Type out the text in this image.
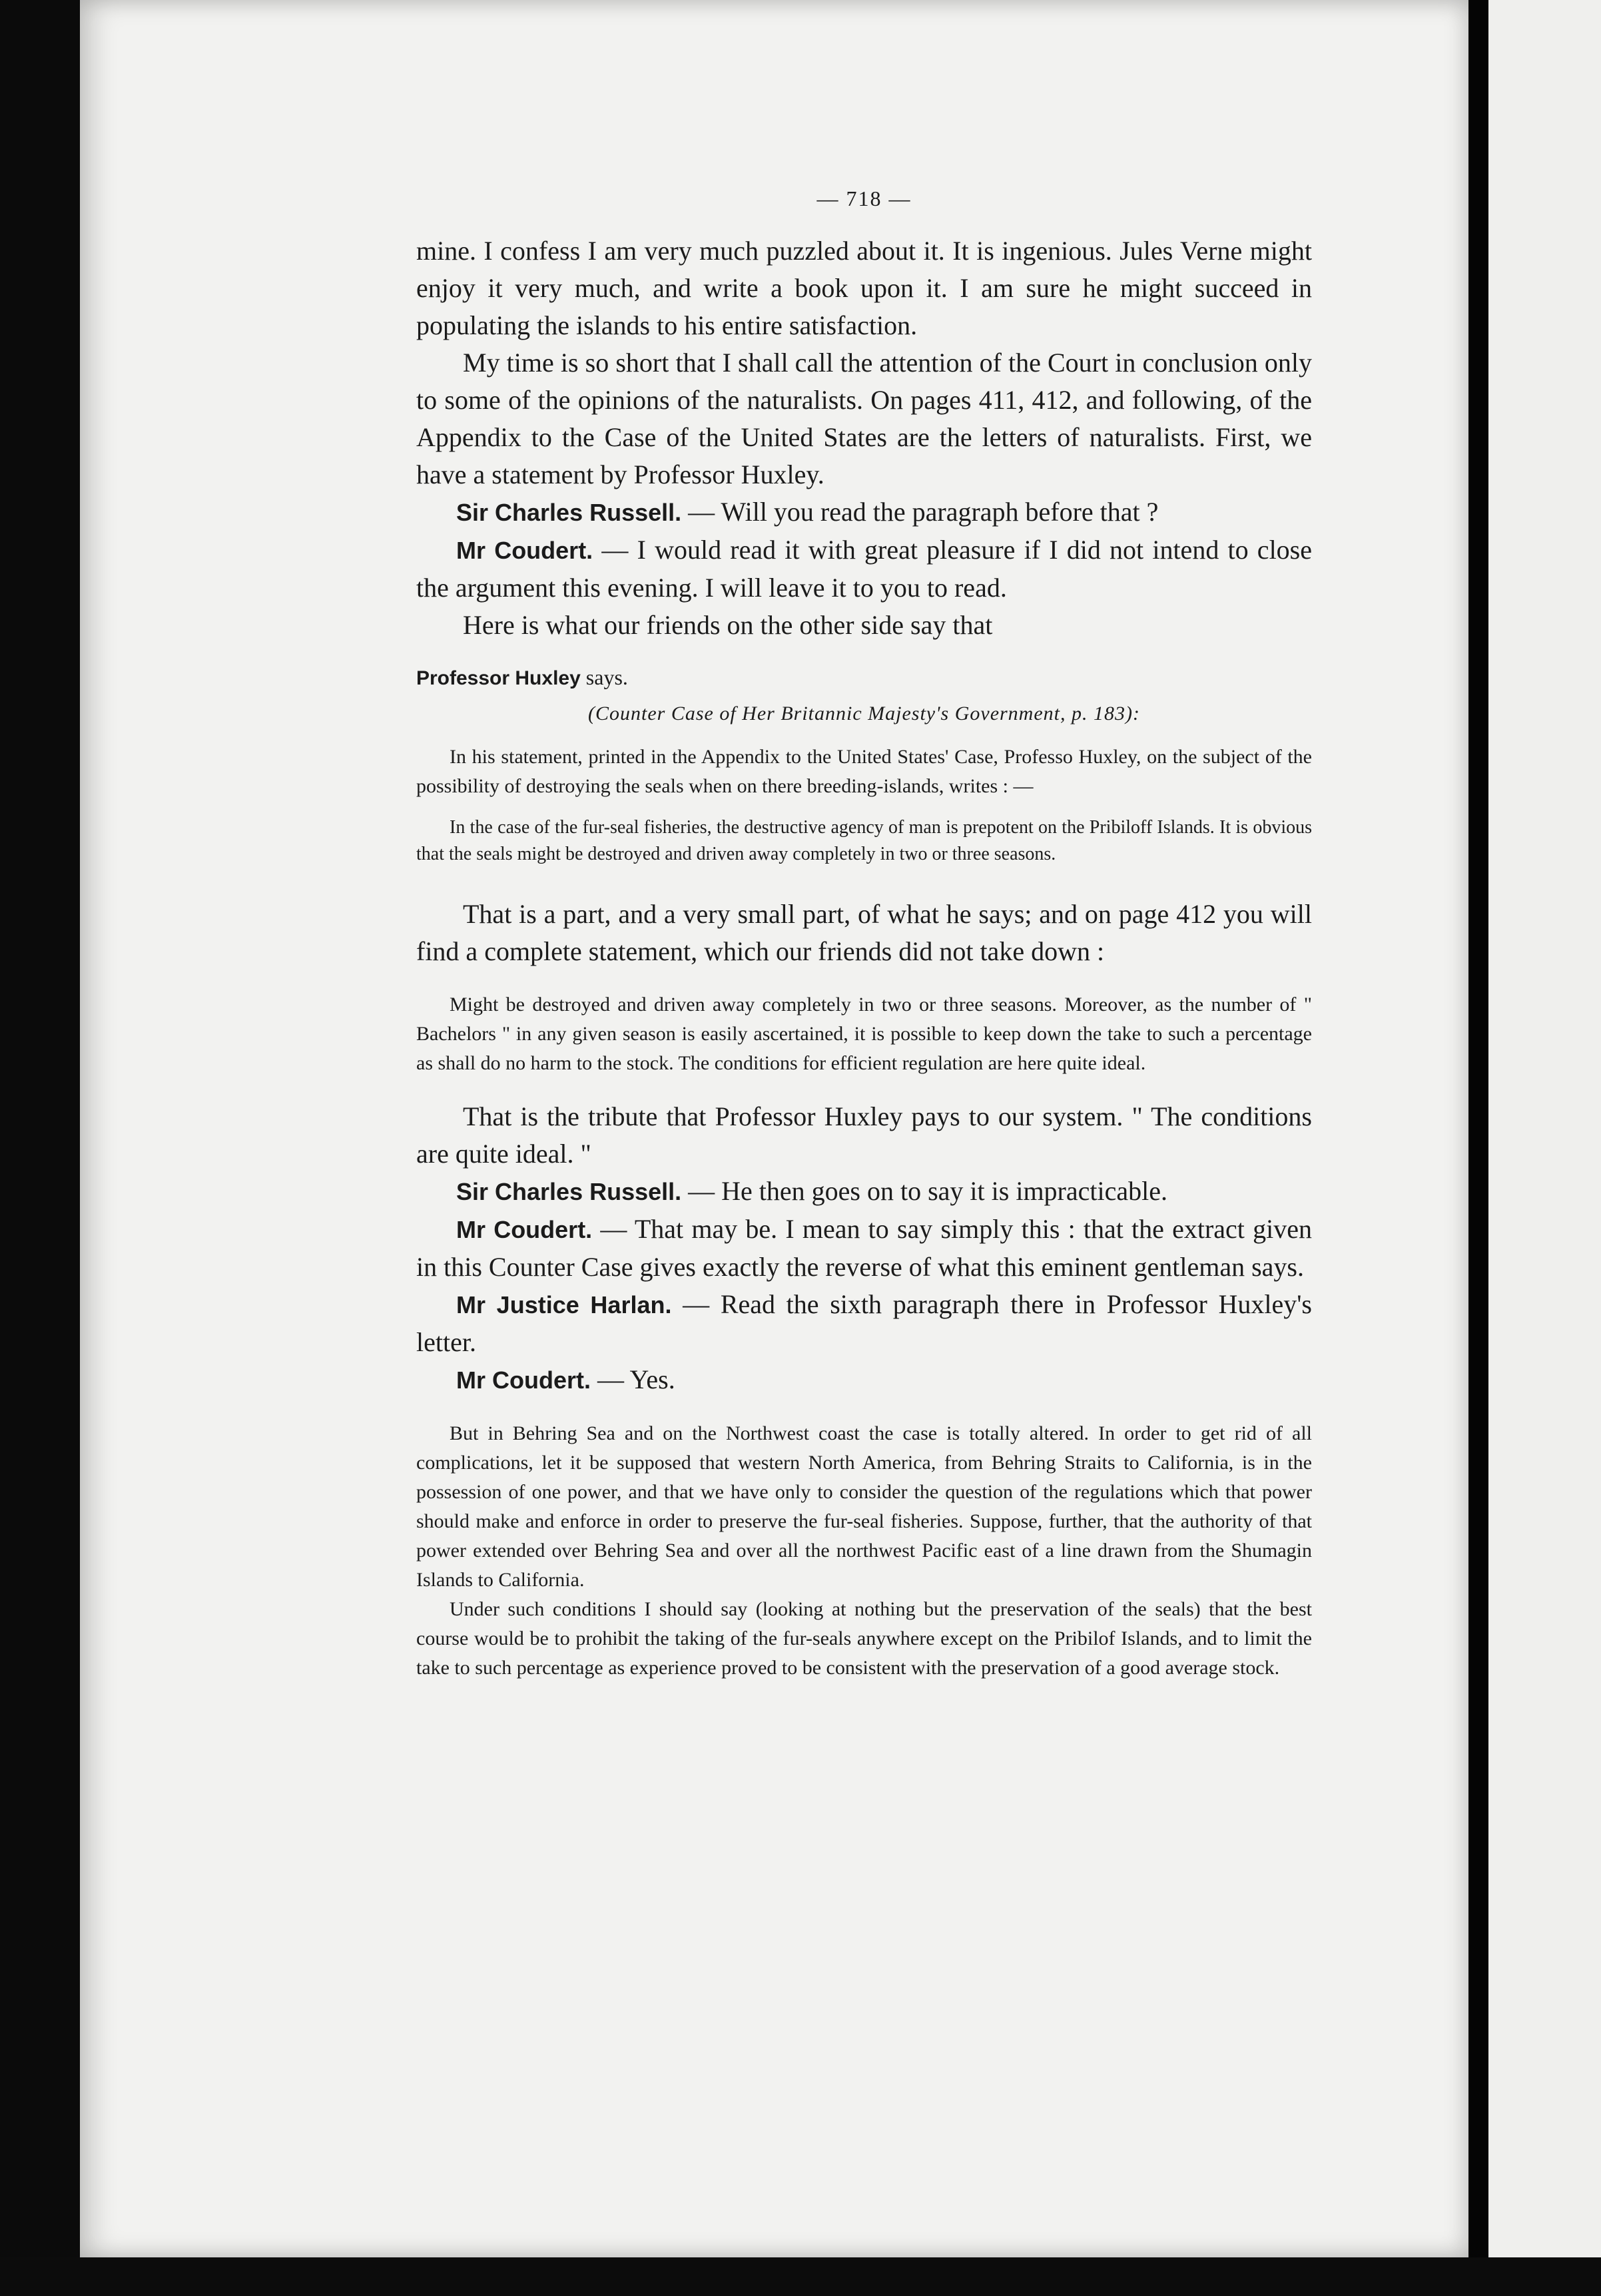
— 718 —

mine. I confess I am very much puzzled about it. It is ingenious. Jules Verne might enjoy it very much, and write a book upon it. I am sure he might succeed in populating the islands to his entire satisfaction.

My time is so short that I shall call the attention of the Court in conclusion only to some of the opinions of the naturalists. On pages 411, 412, and following, of the Appendix to the Case of the United States are the letters of naturalists. First, we have a statement by Professor Huxley.

Sir Charles Russell. — Will you read the paragraph before that ?

Mr Coudert. — I would read it with great pleasure if I did not intend to close the argument this evening. I will leave it to you to read.

Here is what our friends on the other side say that

Professor Huxley says.

(Counter Case of Her Britannic Majesty's Government, p. 183):

In his statement, printed in the Appendix to the United States' Case, Professo Huxley, on the subject of the possibility of destroying the seals when on there breeding-islands, writes : —

In the case of the fur-seal fisheries, the destructive agency of man is prepotent on the Pribiloff Islands. It is obvious that the seals might be destroyed and driven away completely in two or three seasons.

That is a part, and a very small part, of what he says; and on page 412 you will find a complete statement, which our friends did not take down :

Might be destroyed and driven away completely in two or three seasons. Moreover, as the number of " Bachelors " in any given season is easily ascertained, it is possible to keep down the take to such a percentage as shall do no harm to the stock. The conditions for efficient regulation are here quite ideal.

That is the tribute that Professor Huxley pays to our system. " The conditions are quite ideal. "

Sir Charles Russell. — He then goes on to say it is impracticable.

Mr Coudert. — That may be. I mean to say simply this : that the extract given in this Counter Case gives exactly the reverse of what this eminent gentleman says.

Mr Justice Harlan. — Read the sixth paragraph there in Professor Huxley's letter.

Mr Coudert. — Yes.

But in Behring Sea and on the Northwest coast the case is totally altered. In order to get rid of all complications, let it be supposed that western North America, from Behring Straits to California, is in the possession of one power, and that we have only to consider the question of the regulations which that power should make and enforce in order to preserve the fur-seal fisheries. Suppose, further, that the authority of that power extended over Behring Sea and over all the northwest Pacific east of a line drawn from the Shumagin Islands to California.

Under such conditions I should say (looking at nothing but the preservation of the seals) that the best course would be to prohibit the taking of the fur-seals anywhere except on the Pribilof Islands, and to limit the take to such percentage as experience proved to be consistent with the preservation of a good average stock.
